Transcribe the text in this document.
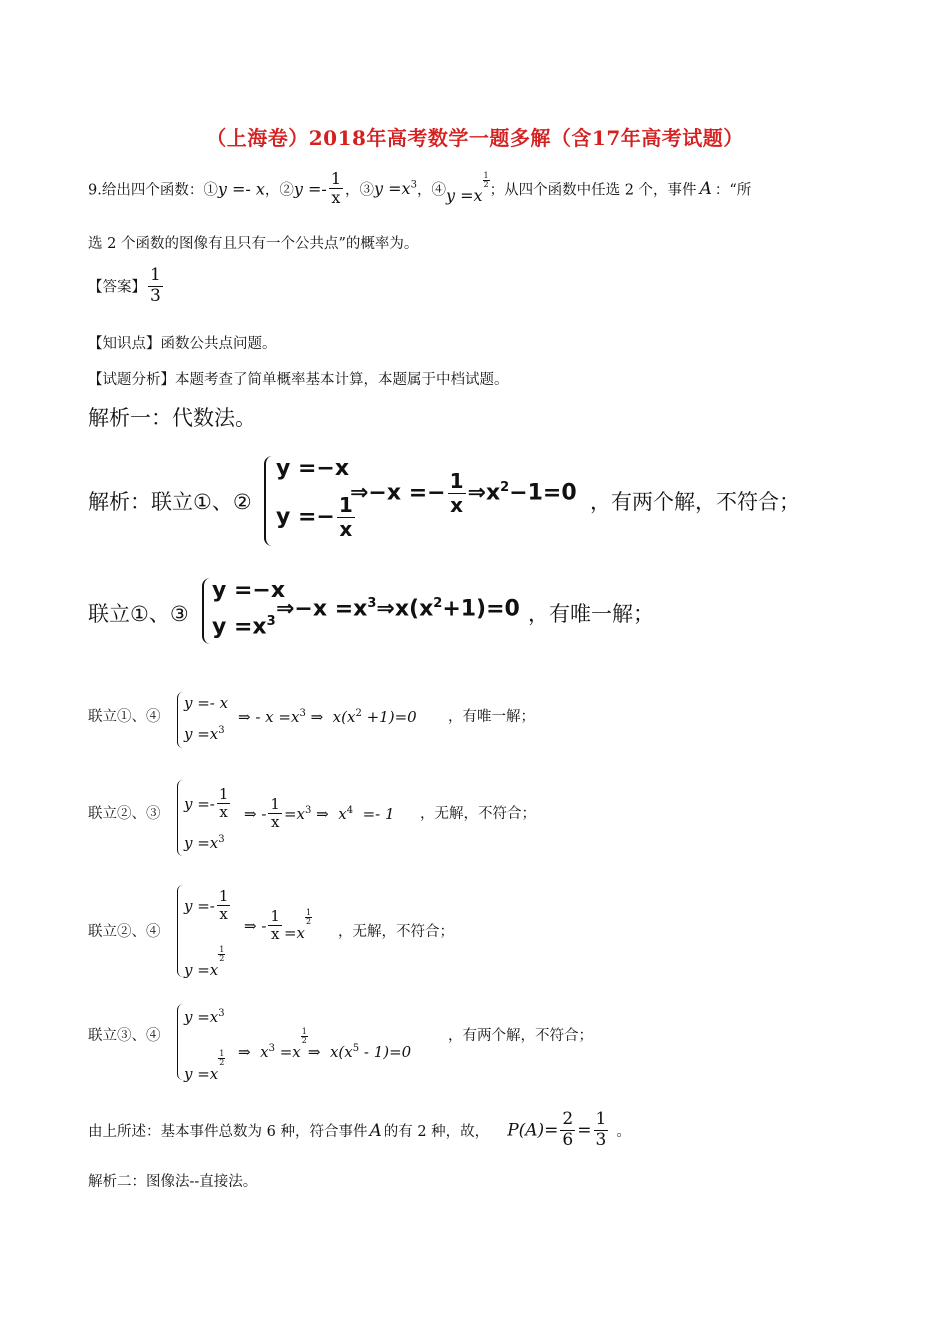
（上海卷）2018年高考数学一题多解（含17年高考试题）
9.给出四个函数：①y =- x，②y =- $\frac{1}{x}$ ，③y $=x^3$，④y =x
$\frac{1}{2}$
；从四个函数中任选 2 个，事件 A ：“所
选 2 个函数的图像有且只有一个公共点”的概率为。
【答案】 $\frac{1}{3}$
【知识点】函数公共点问题。
【试题分析】本题考查了简单概率基本计算，本题属于中档试题。
解析一：代数法。
解析：联立①、②
y =−x
$y =- \frac{1}{x}$
⇒−x =− $\frac{1}{x}$ $\Rightarrow x^2-1=0$ ，有两个解，不符合；
联立①、③
y =−x
$y =x^3$
⇒−x $=x^3\Rightarrow x(x^2+1)=0$ ，有唯一解；
联立①、④
y =- x
$y =x^3$
⇒ - $x =x^3$ ⇒  $x(x^2 +1)=0$ ，有唯一解；
联立②、③
$y =- \frac{1}{x}$
$y =x^3$
⇒ - $\frac{1}{x} =x^3$ ⇒  $x^4 =- 1$ ，无解，不符合；
联立②、④
$y =- \frac{1}{x}$
y =x
$\frac{1}{2}$
⇒ - $\frac{1}{x} =x$
$\frac{1}{2}$
，无解，不符合；
联立③、④
$y =x^3$
y =x
$\frac{1}{2}$ ⇒  $x^3 =x$
$\frac{1}{2}$
⇒  $x(x^5 - 1)=0$
，有两个解，不符合；
由上所述：基本事件总数为 6 种，符合事件 A 的有 2 种，故， $P(A)= \frac{2}{6} = \frac{1}{3}$ 。
解析二：图像法--直接法。
